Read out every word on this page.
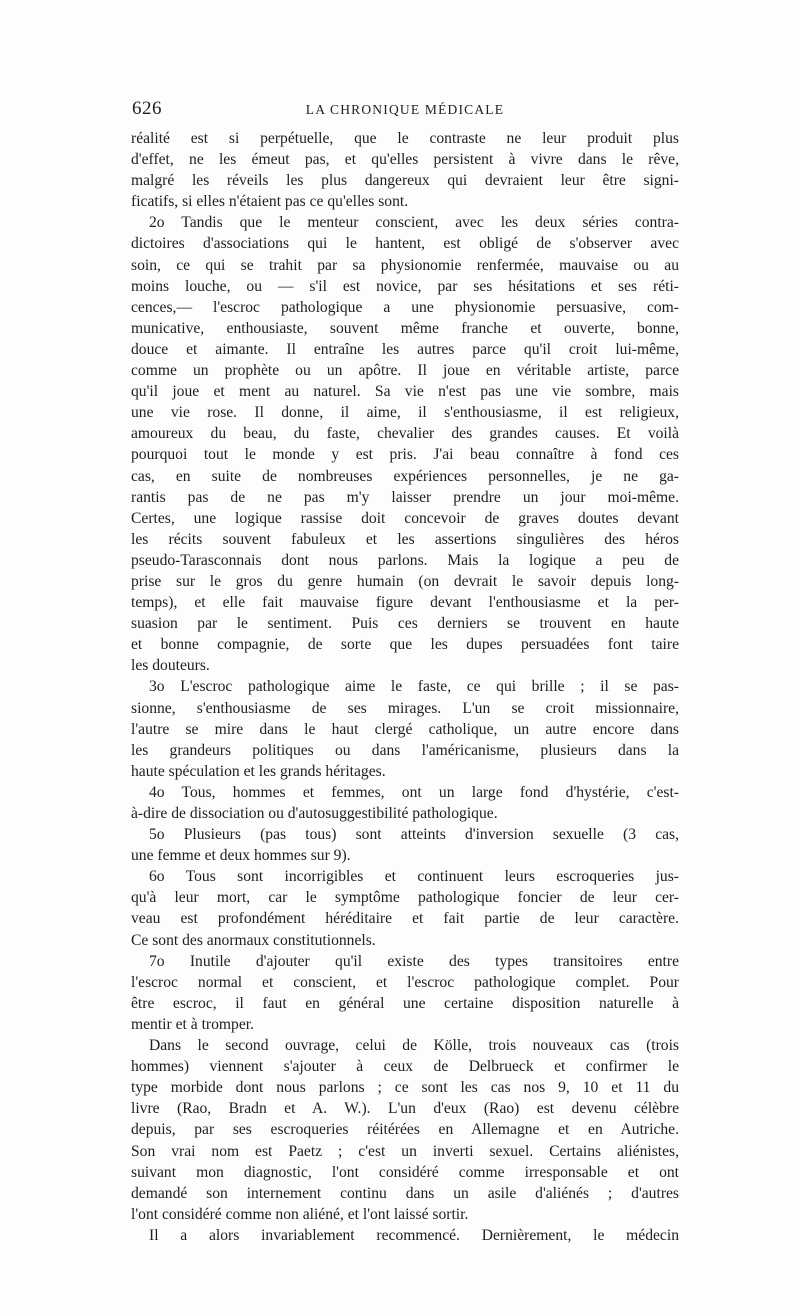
626	LA CHRONIQUE MÉDICALE

réalité est si perpétuelle, que le contraste ne leur produit plus
d'effet, ne les émeut pas, et qu'elles persistent à vivre dans le rêve,
malgré les réveils les plus dangereux qui devraient leur être signi-
ficatifs, si elles n'étaient pas ce qu'elles sont.

2o Tandis que le menteur conscient, avec les deux séries contra-
dictoires d'associations qui le hantent, est obligé de s'observer avec
soin, ce qui se trahit par sa physionomie renfermée, mauvaise ou au
moins louche, ou — s'il est novice, par ses hésitations et ses réti-
cences,— l'escroc pathologique a une physionomie persuasive, com-
municative, enthousiaste, souvent même franche et ouverte, bonne,
douce et aimante. Il entraîne les autres parce qu'il croit lui-même,
comme un prophète ou un apôtre. Il joue en véritable artiste, parce
qu'il joue et ment au naturel. Sa vie n'est pas une vie sombre, mais
une vie rose. Il donne, il aime, il s'enthousiasme, il est religieux,
amoureux du beau, du faste, chevalier des grandes causes. Et voilà
pourquoi tout le monde y est pris. J'ai beau connaître à fond ces
cas, en suite de nombreuses expériences personnelles, je ne ga-
rantis pas de ne pas m'y laisser prendre un jour moi-même.
Certes, une logique rassise doit concevoir de graves doutes devant
les récits souvent fabuleux et les assertions singulières des héros
pseudo-Tarasconnais dont nous parlons. Mais la logique a peu de
prise sur le gros du genre humain (on devrait le savoir depuis long-
temps), et elle fait mauvaise figure devant l'enthousiasme et la per-
suasion par le sentiment. Puis ces derniers se trouvent en haute
et bonne compagnie, de sorte que les dupes persuadées font taire
les douteurs.

3o L'escroc pathologique aime le faste, ce qui brille ; il se pas-
sionne, s'enthousiasme de ses mirages. L'un se croit missionnaire,
l'autre se mire dans le haut clergé catholique, un autre encore dans
les grandeurs politiques ou dans l'américanisme, plusieurs dans la
haute spéculation et les grands héritages.

4o Tous, hommes et femmes, ont un large fond d'hystérie, c'est-
à-dire de dissociation ou d'autosuggestibilité pathologique.

5o Plusieurs (pas tous) sont atteints d'inversion sexuelle (3 cas,
une femme et deux hommes sur 9).

6o Tous sont incorrigibles et continuent leurs escroqueries jus-
qu'à leur mort, car le symptôme pathologique foncier de leur cer-
veau est profondément héréditaire et fait partie de leur caractère.
Ce sont des anormaux constitutionnels.

7o Inutile d'ajouter qu'il existe des types transitoires entre
l'escroc normal et conscient, et l'escroc pathologique complet. Pour
être escroc, il faut en général une certaine disposition naturelle à
mentir et à tromper.

Dans le second ouvrage, celui de Kölle, trois nouveaux cas (trois
hommes) viennent s'ajouter à ceux de Delbrueck et confirmer le
type morbide dont nous parlons ; ce sont les cas nos 9, 10 et 11 du
livre (Rao, Bradn et A. W.). L'un d'eux (Rao) est devenu célèbre
depuis, par ses escroqueries réitérées en Allemagne et en Autriche.
Son vrai nom est Paetz ; c'est un inverti sexuel. Certains aliénistes,
suivant mon diagnostic, l'ont considéré comme irresponsable et ont
demandé son internement continu dans un asile d'aliénés ; d'autres
l'ont considéré comme non aliéné, et l'ont laissé sortir.

Il a alors invariablement recommencé. Dernièrement, le médecin
